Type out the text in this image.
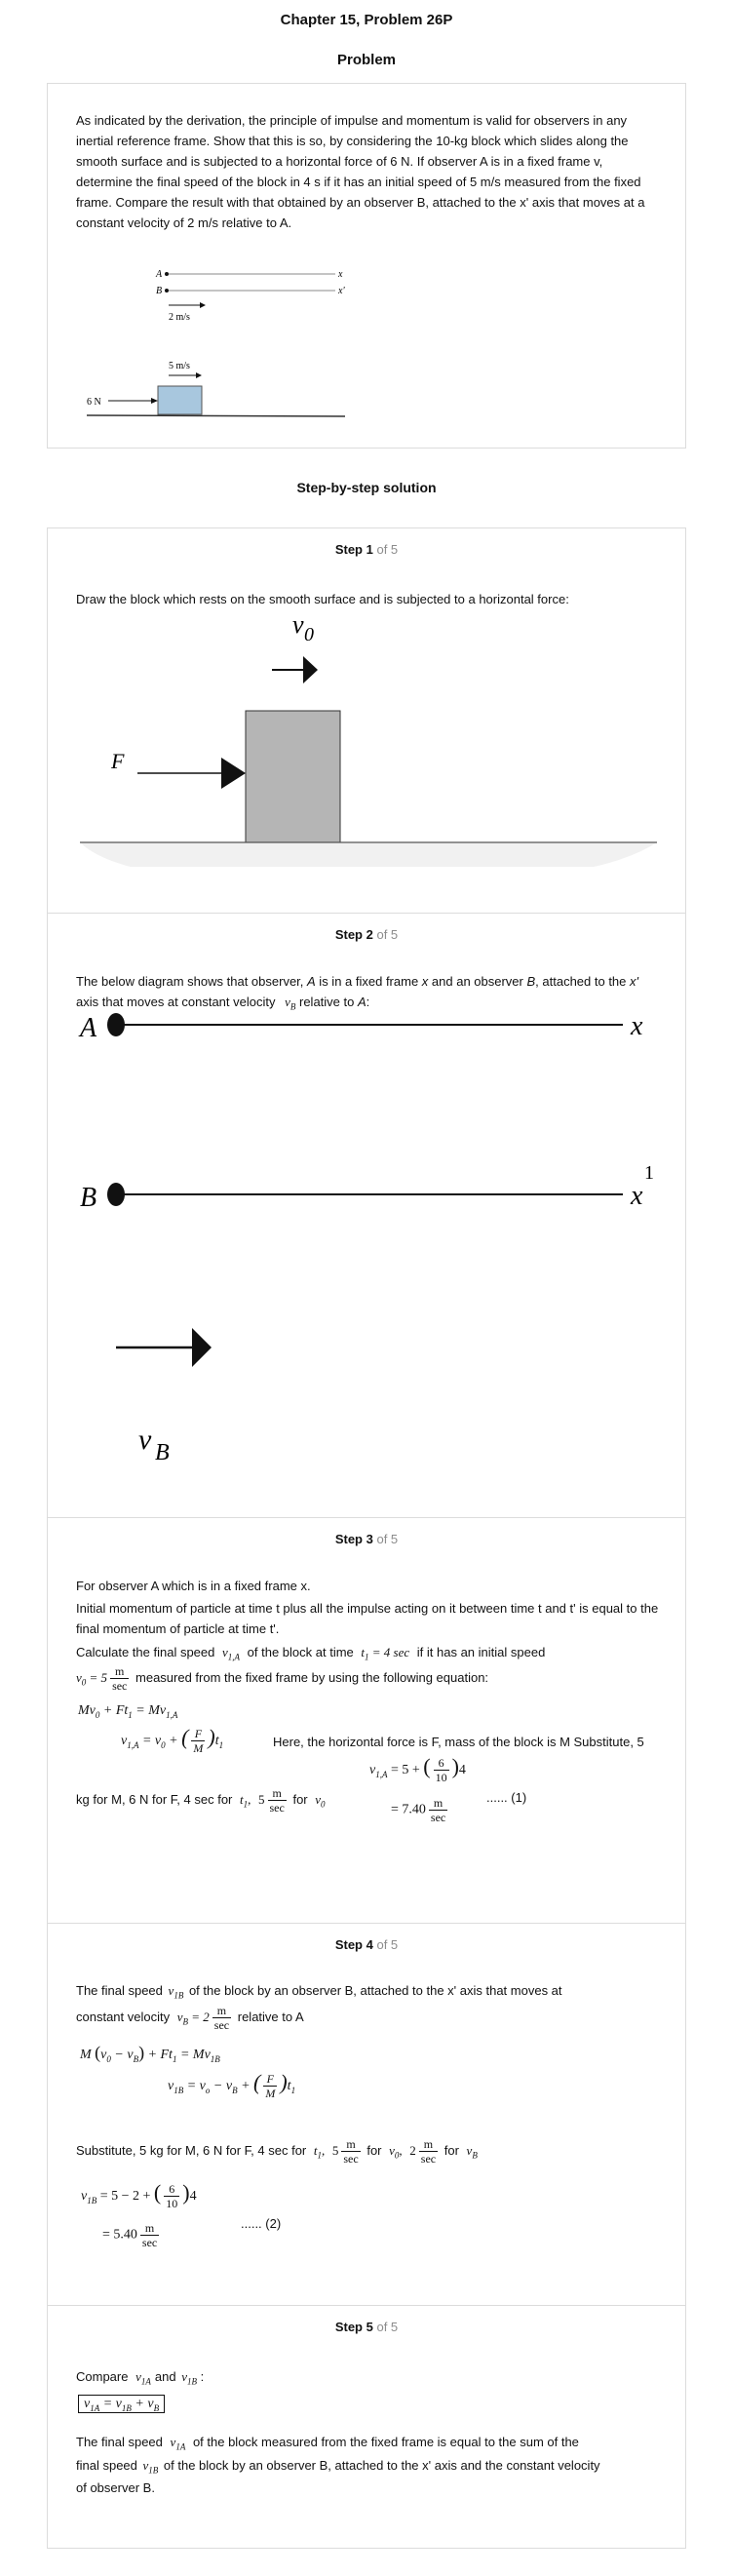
Chapter 15, Problem 26P
Problem
As indicated by the derivation, the principle of impulse and momentum is valid for observers in any inertial reference frame. Show that this is so, by considering the 10-kg block which slides along the smooth surface and is subjected to a horizontal force of 6 N. If observer A is in a fixed frame v, determine the final speed of the block in 4 s if it has an initial speed of 5 m/s measured from the fixed frame. Compare the result with that obtained by an observer B, attached to the x' axis that moves at a constant velocity of 2 m/s relative to A.
A	x
B	x'
2 m/s
5 m/s
6 N
Step-by-step solution
Step 1 of 5
Draw the block which rests on the smooth surface and is subjected to a horizontal force:
v 0
F
Step 2 of 5
The below diagram shows that observer, A is in a fixed frame x and an observer B, attached to the x' axis that moves at constant velocity $v_B$ relative to A:
A	x
B	x
1
v B
Step 3 of 5
For observer A which is in a fixed frame x.
Initial momentum of particle at time t plus all the impulse acting on it between time t and t' is equal to the final momentum of particle at time t'.
Calculate the final speed $v_{1,A}$ of the block at time $t_1 = 4$ sec if it has an initial speed
$v_0 = 5 \frac{m}{\sec}$ measured from the fixed frame by using the following equation:
$Mv_0 + Ft_1 = Mv_{1,A}$
$v_{1,A} = v_0$ + ( $\frac{F}{M} )t_1$	Here, the horizontal force is F, mass of the block is M Substitute, 5
kg for M, 6 N for F, 4 sec for $t_1$, $5 \frac{m}{\sec}$ for $v_0$
$v_{1,A} = 5$ + ( $\frac{6}{10} )4$
...... (1)
= $7.40 \frac{m}{\sec}$
Step 4 of 5
The final speed $v_{1B}$ of the block by an observer B, attached to the x' axis that moves at
constant velocity $v_B = 2 \frac{m}{\sec}$ relative to A
M $(v_0 - v_B) + Ft_1 = Mv_{1B}$
$v_{1B} = v_o - v_B$ + ( $\frac{F}{M} )t_1$
Substitute, 5 kg for M, 6 N for F, 4 sec for $t_1$, $5 \frac{m}{\sec}$ for $v_0$, $2 \frac{m}{\sec}$ for $v_B$
$v_{1B} = 5 - 2$ + ( $\frac{6}{10} )4$
...... (2)
= $5.40 \frac{m}{\sec}$
Step 5 of 5
Compare $v_{1A}$ and $v_{1B}$ :
$v_{1A} = v_{1B} + v_B$
The final speed $v_{1A}$ of the block measured from the fixed frame is equal to the sum of the
final speed $v_{1B}$ of the block by an observer B, attached to the x' axis and the constant velocity
of observer B.
